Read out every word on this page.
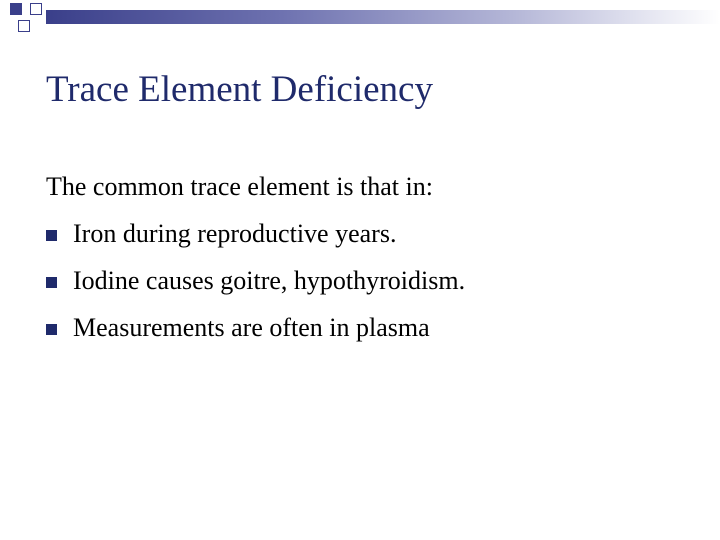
Trace Element Deficiency
The common trace element is that in:
Iron during reproductive years.
Iodine causes goitre, hypothyroidism.
Measurements are often in plasma
